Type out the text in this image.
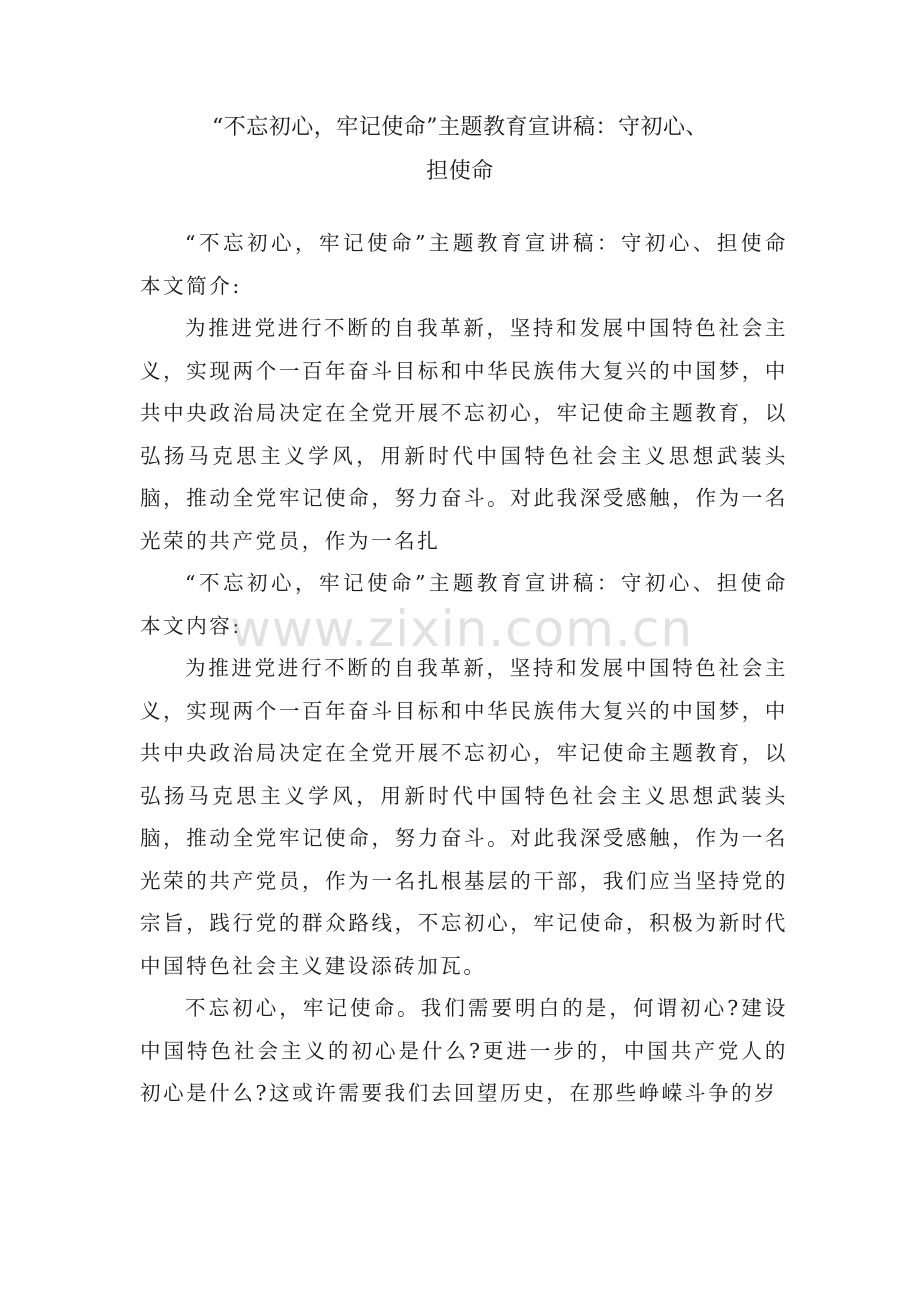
“不忘初心，牢记使命”主题教育宣讲稿：守初心、
担使命

“不忘初心，牢记使命”主题教育宣讲稿：守初心、担使命 本文简介:

为推进党进行不断的自我革新，坚持和发展中国特色社会主义，实现两个一百年奋斗目标和中华民族伟大复兴的中国梦，中共中央政治局决定在全党开展不忘初心，牢记使命主题教育，以弘扬马克思主义学风，用新时代中国特色社会主义思想武装头脑，推动全党牢记使命，努力奋斗。对此我深受感触，作为一名光荣的共产党员，作为一名扎

“不忘初心，牢记使命”主题教育宣讲稿：守初心、担使命 本文内容:

为推进党进行不断的自我革新，坚持和发展中国特色社会主义，实现两个一百年奋斗目标和中华民族伟大复兴的中国梦，中共中央政治局决定在全党开展不忘初心，牢记使命主题教育，以弘扬马克思主义学风，用新时代中国特色社会主义思想武装头脑，推动全党牢记使命，努力奋斗。对此我深受感触，作为一名光荣的共产党员，作为一名扎根基层的干部，我们应当坚持党的宗旨，践行党的群众路线，不忘初心，牢记使命，积极为新时代中国特色社会主义建设添砖加瓦。

不忘初心，牢记使命。我们需要明白的是，何谓初心?建设中国特色社会主义的初心是什么?更进一步的，中国共产党人的初心是什么?这或许需要我们去回望历史，在那些峥嵘斗争的岁

www.zixin.com.cn
